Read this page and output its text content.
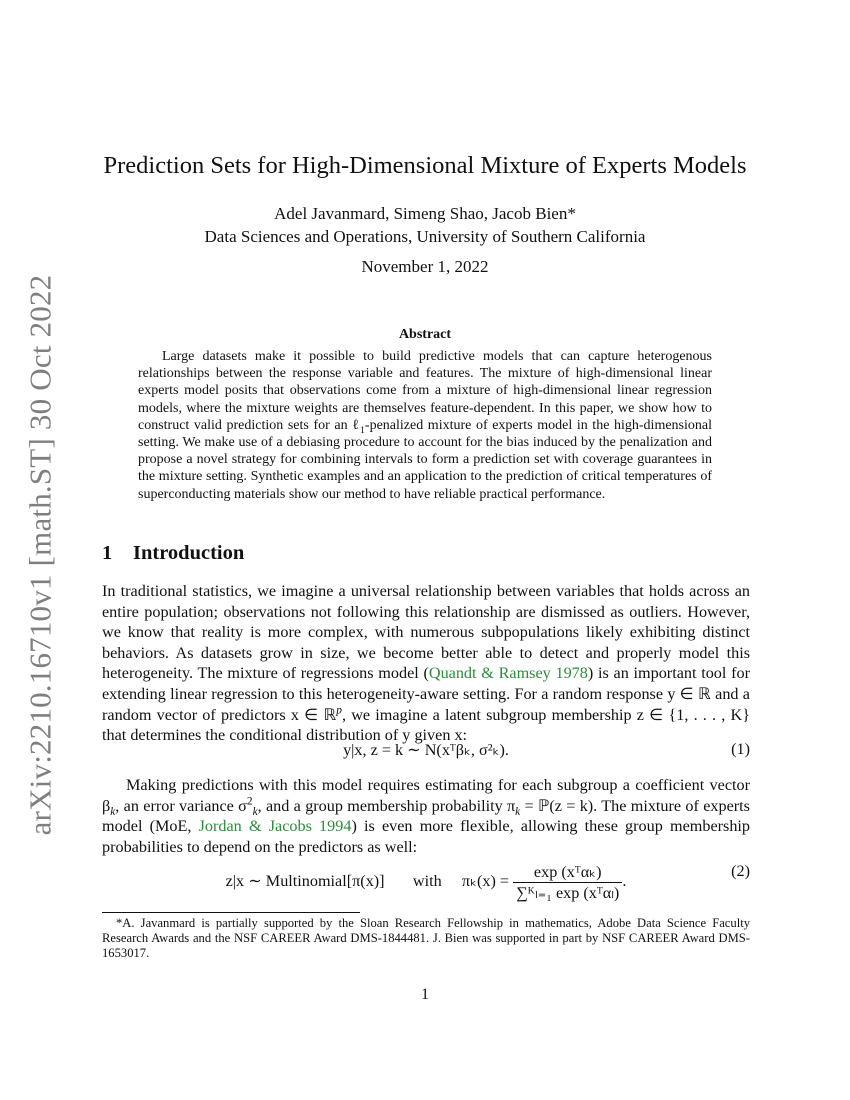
arXiv:2210.16710v1 [math.ST] 30 Oct 2022
Prediction Sets for High-Dimensional Mixture of Experts Models
Adel Javanmard, Simeng Shao, Jacob Bien*
Data Sciences and Operations, University of Southern California
November 1, 2022
Abstract
Large datasets make it possible to build predictive models that can capture heterogenous relationships between the response variable and features. The mixture of high-dimensional linear experts model posits that observations come from a mixture of high-dimensional linear regression models, where the mixture weights are themselves feature-dependent. In this paper, we show how to construct valid prediction sets for an ℓ$_1$-penalized mixture of experts model in the high-dimensional setting. We make use of a debiasing procedure to account for the bias induced by the penalization and propose a novel strategy for combining intervals to form a prediction set with coverage guarantees in the mixture setting. Synthetic examples and an application to the prediction of critical temperatures of superconducting materials show our method to have reliable practical performance.
1 Introduction
In traditional statistics, we imagine a universal relationship between variables that holds across an entire population; observations not following this relationship are dismissed as outliers. However, we know that reality is more complex, with numerous subpopulations likely exhibiting distinct behaviors. As datasets grow in size, we become better able to detect and properly model this heterogeneity. The mixture of regressions model (Quandt & Ramsey 1978) is an important tool for extending linear regression to this heterogeneity-aware setting. For a random response y ∈ ℝ and a random vector of predictors x ∈ ℝ$^p$, we imagine a latent subgroup membership z ∈ {1, . . . , K} that determines the conditional distribution of y given x:
y|x, z = k ∼ N(xᵀβₖ, σ²ₖ).	(1)
Making predictions with this model requires estimating for each subgroup a coefficient vector $\beta_k$, an error variance $\sigma^2_k$, and a group membership probability $\pi_k$ = ℙ(z = k). The mixture of experts model (MoE, Jordan & Jacobs 1994) is even more flexible, allowing these group membership probabilities to depend on the predictors as well:
z|x ∼ Multinomial[π(x)] with $\pi_k(x) = \frac{\text{exp (xᵀαₖ)}}{\text{∑ᴷₗ₌₁ exp (xᵀαₗ)}}$ .
(2)
*A. Javanmard is partially supported by the Sloan Research Fellowship in mathematics, Adobe Data Science Faculty Research Awards and the NSF CAREER Award DMS-1844481. J. Bien was supported in part by NSF CAREER Award DMS-1653017.
1
